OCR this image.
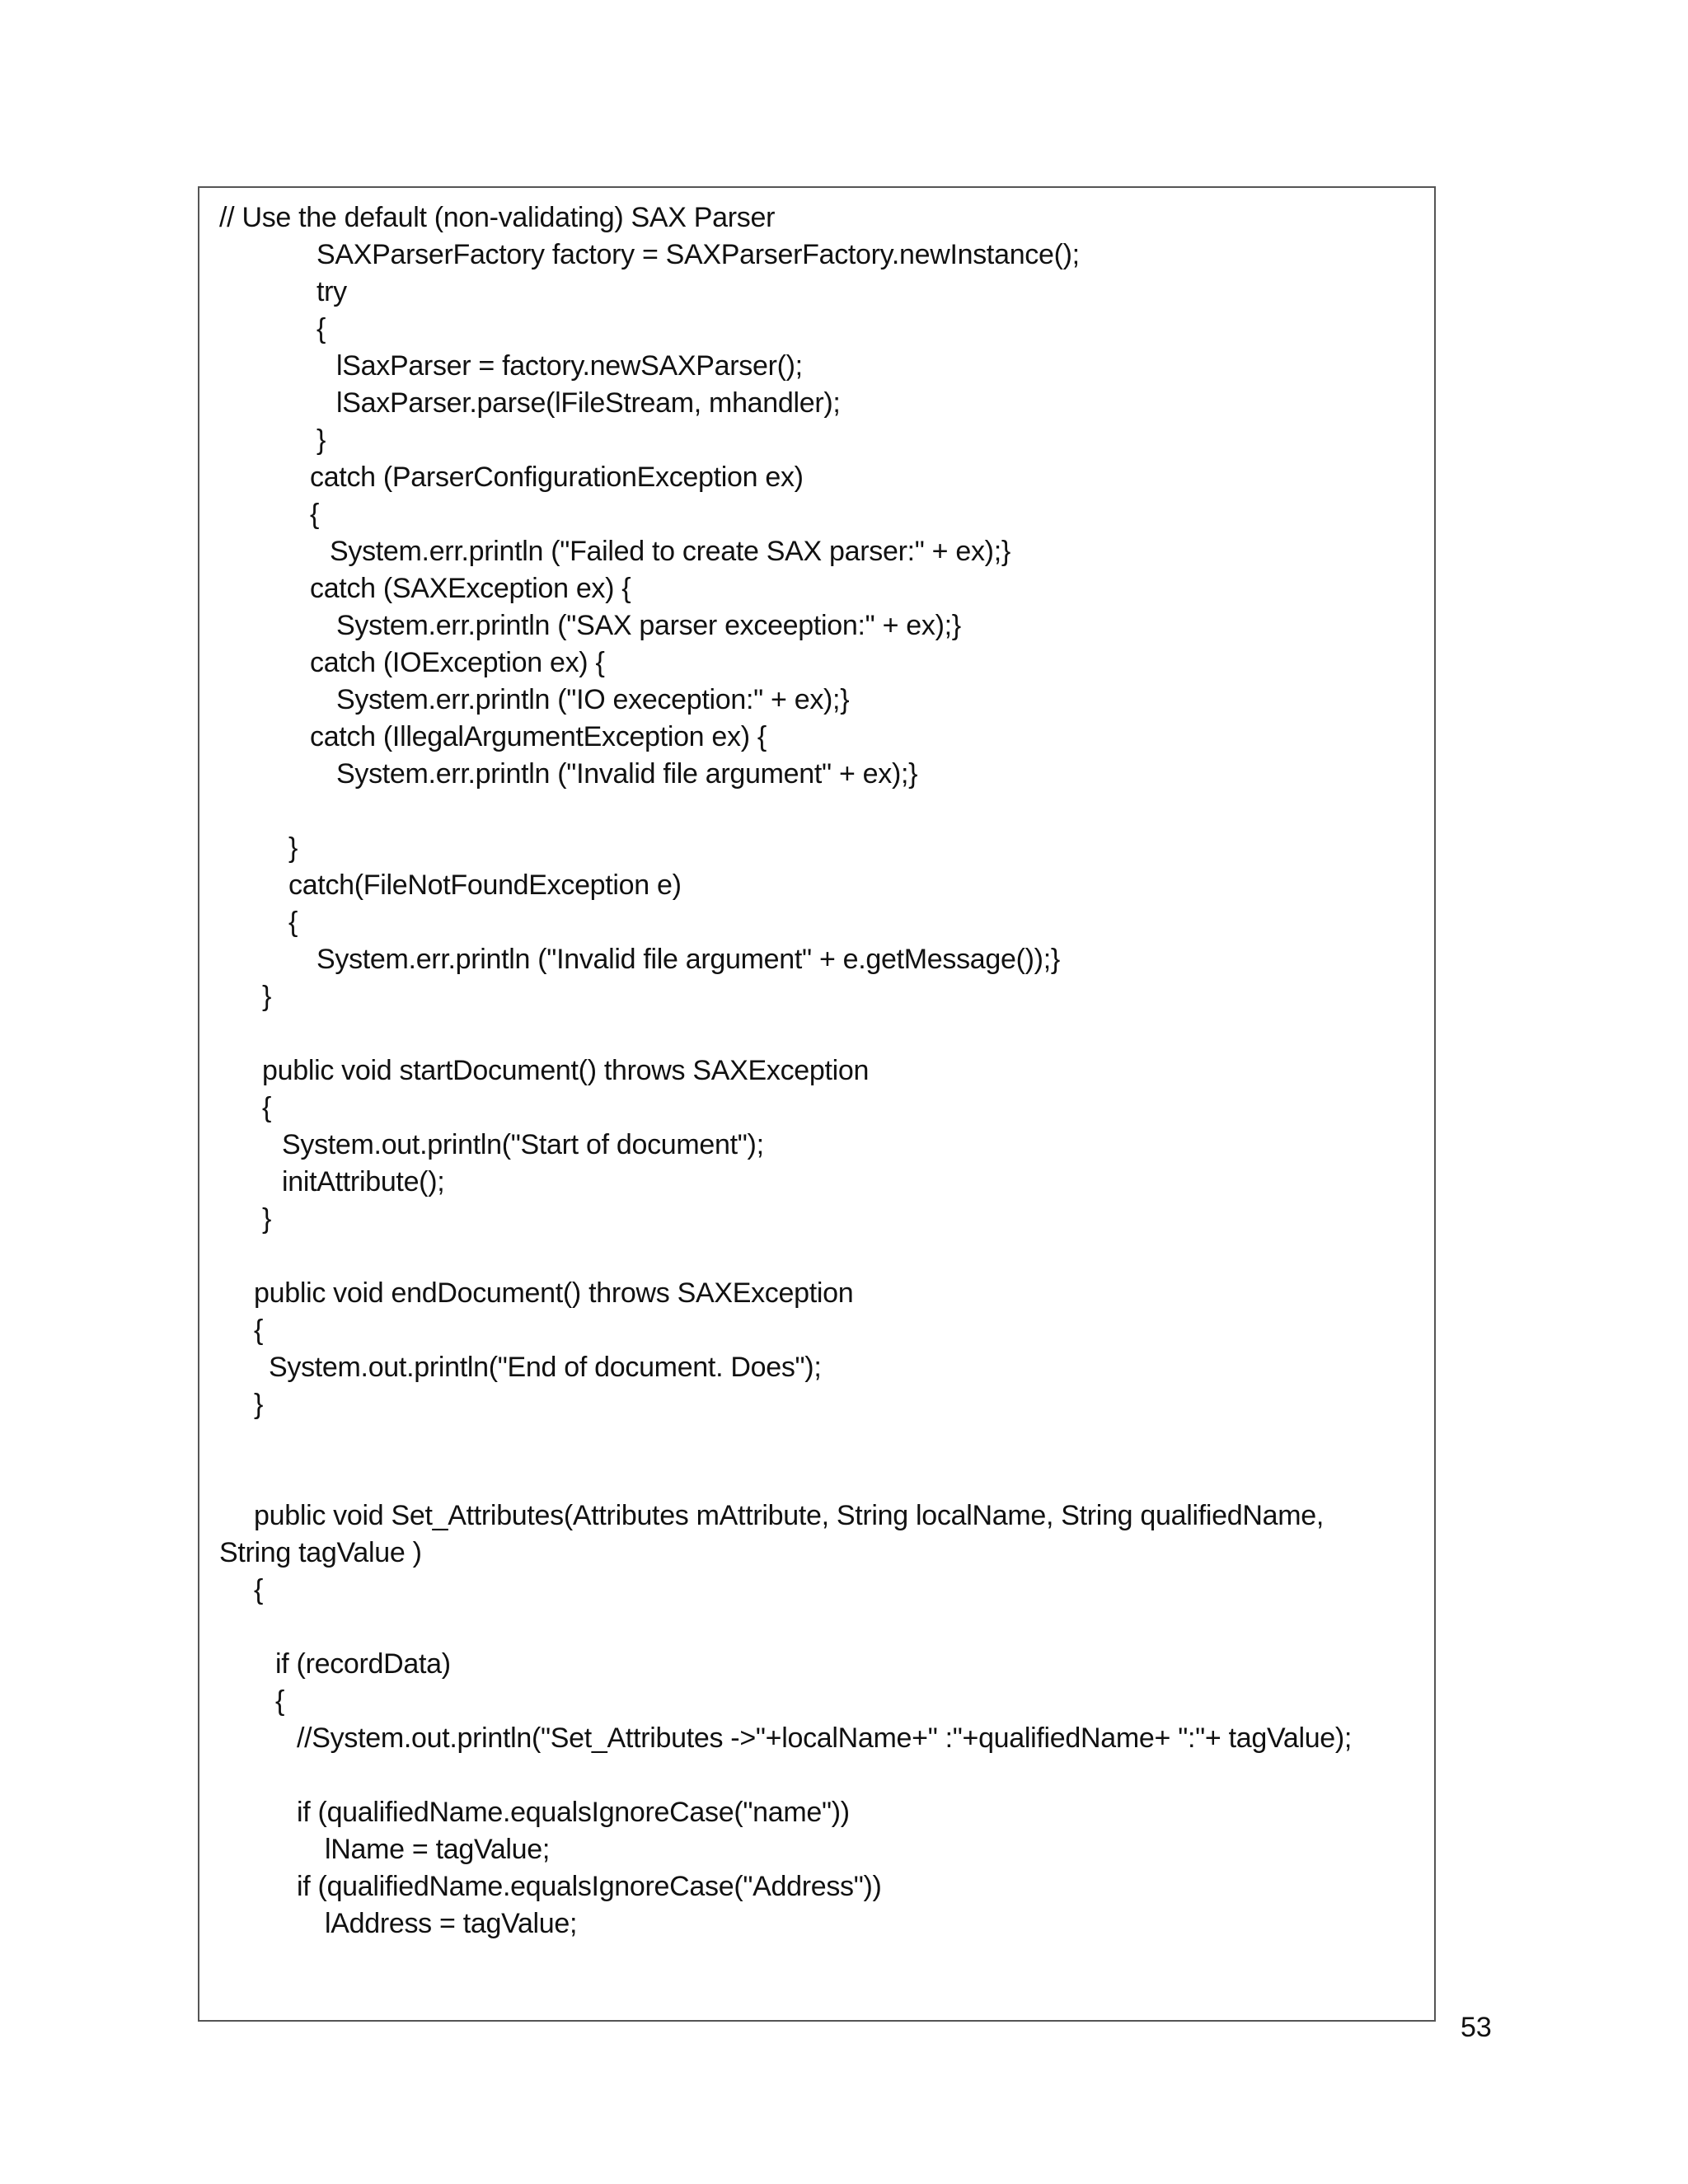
// Use the default (non-validating) SAX Parser
SAXParserFactory factory = SAXParserFactory.newInstance();
try
{
lSaxParser = factory.newSAXParser();
lSaxParser.parse(lFileStream, mhandler);
}
catch (ParserConfigurationException ex)
{
System.err.println ("Failed to create SAX parser:" + ex);}
catch (SAXException ex) {
System.err.println ("SAX parser exceeption:" + ex);}
catch (IOException ex) {
System.err.println ("IO exeception:" + ex);}
catch (IllegalArgumentException ex) {
System.err.println ("Invalid file argument" + ex);}
}
catch(FileNotFoundException e)
{
System.err.println ("Invalid file argument" + e.getMessage());}
}
public void startDocument() throws SAXException
{
System.out.println("Start of document");
initAttribute();
}
public void endDocument() throws SAXException
{
System.out.println("End of document. Does");
}
public void Set_Attributes(Attributes mAttribute, String localName, String qualifiedName,
String tagValue )
{
if (recordData)
{
//System.out.println("Set_Attributes ->"+localName+" :"+qualifiedName+ ":"+ tagValue);
if (qualifiedName.equalsIgnoreCase("name"))
lName = tagValue;
if (qualifiedName.equalsIgnoreCase("Address"))
lAddress = tagValue;
53
